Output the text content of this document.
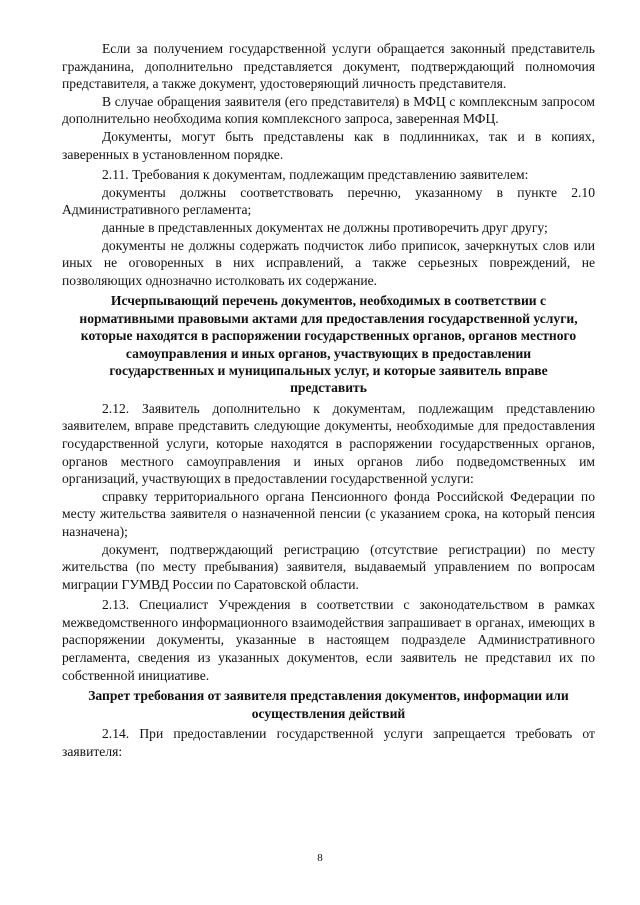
Если за получением государственной услуги обращается законный представитель гражданина, дополнительно представляется документ, подтверждающий полномочия представителя, а также документ, удостоверяющий личность представителя.

В случае обращения заявителя (его представителя) в МФЦ с комплексным запросом дополнительно необходима копия комплексного запроса, заверенная МФЦ.

Документы, могут быть представлены как в подлинниках, так и в копиях, заверенных в установленном порядке.

2.11. Требования к документам, подлежащим представлению заявителем:

документы должны соответствовать перечню, указанному в пункте 2.10 Административного регламента;

данные в представленных документах не должны противоречить друг другу;

документы не должны содержать подчисток либо приписок, зачеркнутых слов или иных не оговоренных в них исправлений, а также серьезных повреждений, не позволяющих однозначно истолковать их содержание.

Исчерпывающий перечень документов, необходимых в соответствии с нормативными правовыми актами для предоставления государственной услуги, которые находятся в распоряжении государственных органов, органов местного самоуправления и иных органов, участвующих в предоставлении государственных и муниципальных услуг, и которые заявитель вправе представить

2.12. Заявитель дополнительно к документам, подлежащим представлению заявителем, вправе представить следующие документы, необходимые для предоставления государственной услуги, которые находятся в распоряжении государственных органов, органов местного самоуправления и иных органов либо подведомственных им организаций, участвующих в предоставлении государственной услуги:

справку территориального органа Пенсионного фонда Российской Федерации по месту жительства заявителя о назначенной пенсии (с указанием срока, на который пенсия назначена);

документ, подтверждающий регистрацию (отсутствие регистрации) по месту жительства (по месту пребывания) заявителя, выдаваемый управлением по вопросам миграции ГУМВД России по Саратовской области.

2.13. Специалист Учреждения в соответствии с законодательством в рамках межведомственного информационного взаимодействия запрашивает в органах, имеющих в распоряжении документы, указанные в настоящем подразделе Административного регламента, сведения из указанных документов, если заявитель не представил их по собственной инициативе.

Запрет требования от заявителя представления документов, информации или осуществления действий

2.14. При предоставлении государственной услуги запрещается требовать от заявителя:

8
